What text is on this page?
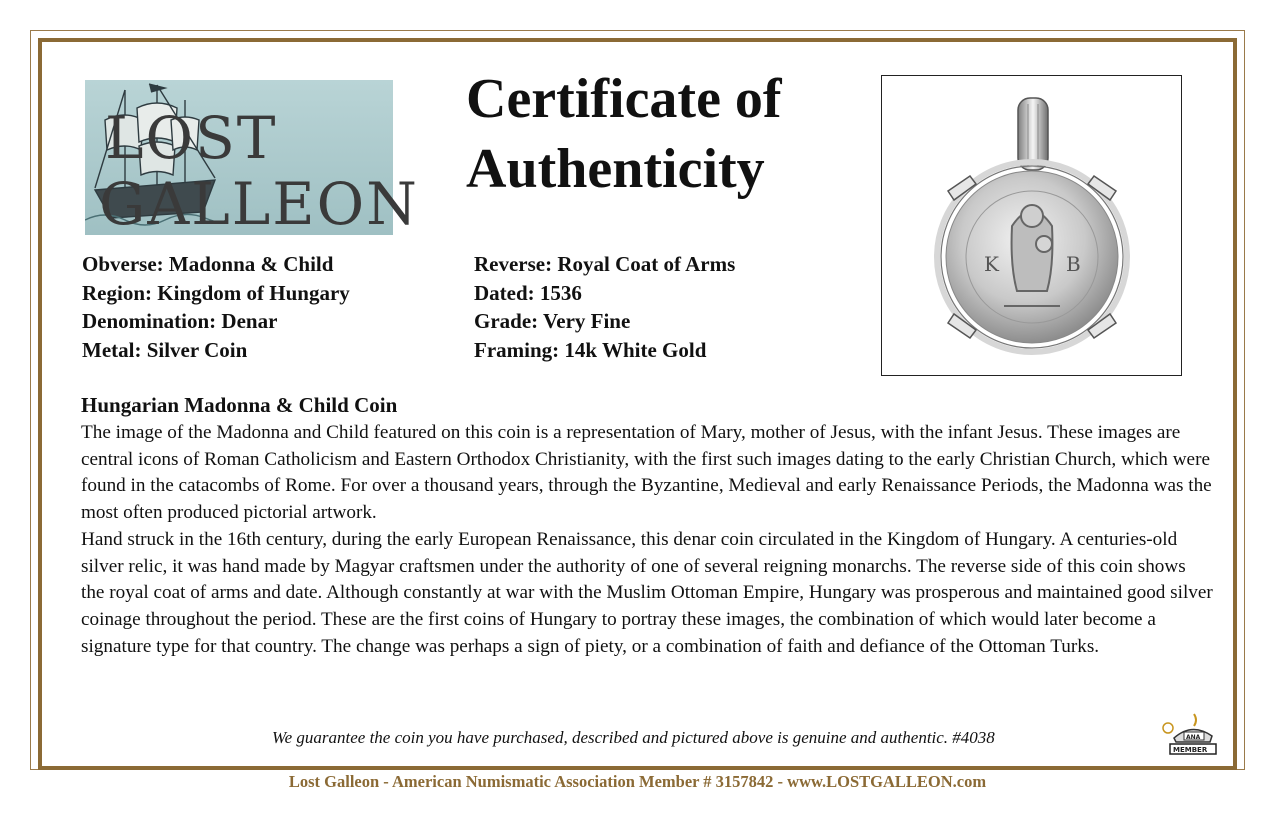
LOST
GALLEON
Certificate of Authenticity
K	B
Obverse: Madonna & Child
Region: Kingdom of Hungary
Denomination: Denar
Metal: Silver Coin
Reverse: Royal Coat of Arms
Dated: 1536
Grade: Very Fine
Framing: 14k White Gold
Hungarian Madonna & Child Coin

The image of the Madonna and Child featured on this coin is a representation of Mary, mother of Jesus, with the infant Jesus. These images are central icons of Roman Catholicism and Eastern Orthodox Christianity, with the first such images dating to the early Christian Church, which were found in the catacombs of Rome. For over a thousand years, through the Byzantine, Medieval and early Renaissance Periods, the Madonna was the most often produced pictorial artwork.

Hand struck in the 16th century, during the early European Renaissance, this denar coin circulated in the Kingdom of Hungary. A centuries-old silver relic, it was hand made by Magyar craftsmen under the authority of one of several reigning monarchs. The reverse side of this coin shows the royal coat of arms and date. Although constantly at war with the Muslim Ottoman Empire, Hungary was prosperous and maintained good silver coinage throughout the period. These are the first coins of Hungary to portray these images, the combination of which would later become a signature type for that country. The change was perhaps a sign of piety, or a combination of faith and defiance of the Ottoman Turks.

We guarantee the coin you have purchased, described and pictured above is genuine and authentic. #4038	ANA
MEMBER
Lost Galleon - American Numismatic Association Member # 3157842 - www.LOSTGALLEON.com
